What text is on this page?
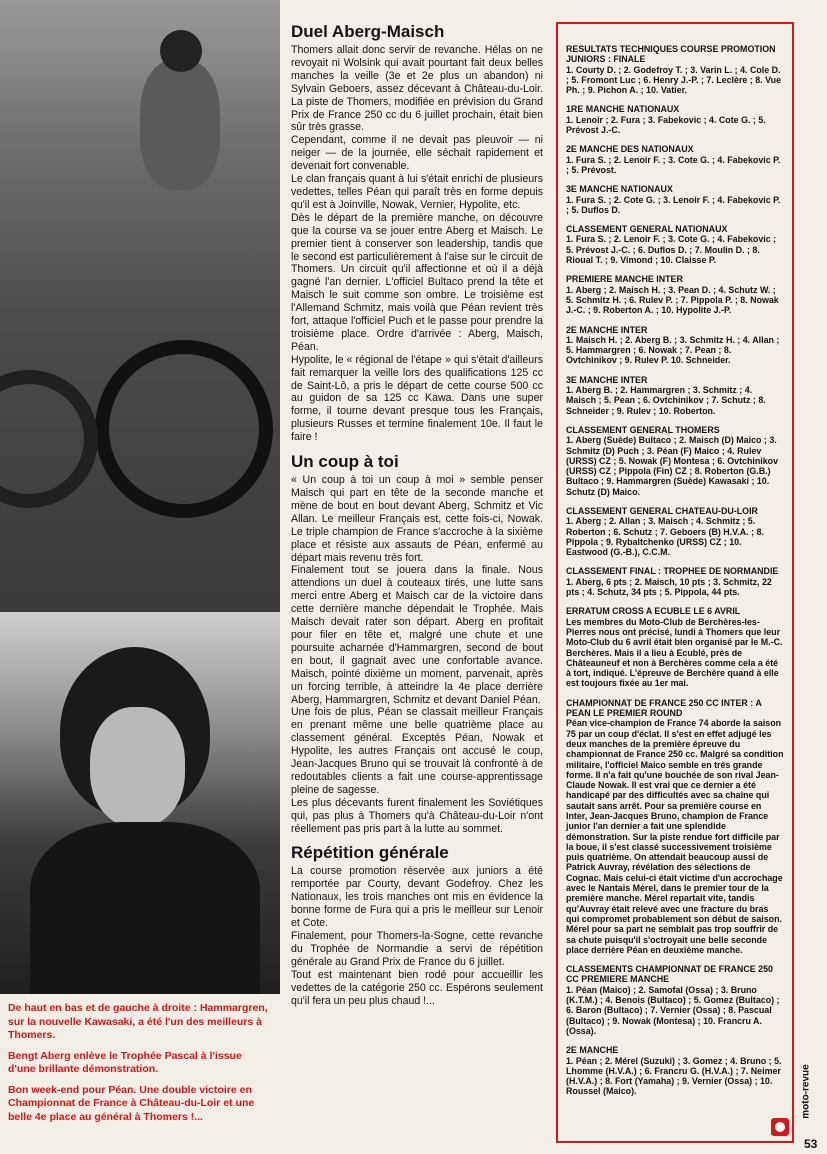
De haut en bas et de gauche à droite : Hammargren, sur la nouvelle Kawasaki, a été l'un des meilleurs à Thomers.

Bengt Aberg enlève le Trophée Pascal à l'issue d'une brillante démonstration.

Bon week-end pour Péan. Une double victoire en Championnat de France à Château-du-Loir et une belle 4e place au général à Thomers !...

Duel Aberg-Maisch

Thomers allait donc servir de revanche. Hélas on ne revoyait ni Wolsink qui avait pourtant fait deux belles manches la veille (3e et 2e plus un abandon) ni Sylvain Geboers, assez décevant à Château-du-Loir. La piste de Thomers, modifiée en prévision du Grand Prix de France 250 cc du 6 juillet prochain, était bien sûr très grasse.

Cependant, comme il ne devait pas pleuvoir — ni neiger — de la journée, elle séchait rapidement et devenait fort convenable.

Le clan français quant à lui s'était enrichi de plusieurs vedettes, telles Péan qui paraît très en forme depuis qu'il est à Joinville, Nowak, Vernier, Hypolite, etc.

Dès le départ de la première manche, on découvre que la course va se jouer entre Aberg et Maisch. Le premier tient à conserver son leadership, tandis que le second est particulièrement à l'aise sur le circuit de Thomers. Un circuit qu'il affectionne et où il a déjà gagné l'an dernier. L'officiel Bultaco prend la tête et Maisch le suit comme son ombre. Le troisième est l'Allemand Schmitz, mais voilà que Péan revient très fort, attaque l'officiel Puch et le passe pour prendre la troisième place. Ordre d'arrivée : Aberg, Maisch, Péan.

Hypolite, le « régional de l'étape » qui s'était d'ailleurs fait remarquer la veille lors des qualifications 125 cc de Saint-Lô, a pris le départ de cette course 500 cc au guidon de sa 125 cc Kawa. Dans une super forme, il tourne devant presque tous les Français, plusieurs Russes et termine finalement 10e. Il faut le faire !

Un coup à toi

« Un coup à toi un coup à moi » semble penser Maisch qui part en tête de la seconde manche et mène de bout en bout devant Aberg, Schmitz et Vic Allan. Le meilleur Français est, cette fois-ci, Nowak. Le triple champion de France s'accroche à la sixième place et résiste aux assauts de Péan, enfermé au départ mais revenu très fort.

Finalement tout se jouera dans la finale. Nous attendions un duel à couteaux tirés, une lutte sans merci entre Aberg et Maisch car de la victoire dans cette dernière manche dépendait le Trophée. Mais Maisch devait rater son départ. Aberg en profitait pour filer en tête et, malgré une chute et une poursuite acharnée d'Hammargren, second de bout en bout, il gagnait avec une confortable avance. Maisch, pointé dixième un moment, parvenait, après un forcing terrible, à atteindre la 4e place derrière Aberg, Hammargren, Schmitz et devant Daniel Péan.

Une fois de plus, Péan se classait meilleur Français en prenant même une belle quatrième place au classement général. Exceptés Péan, Nowak et Hypolite, les autres Français ont accusé le coup, Jean-Jacques Bruno qui se trouvait là confronté à de redoutables clients a fait une course-apprentissage pleine de sagesse.

Les plus décevants furent finalement les Soviétiques qui, pas plus à Thomers qu'à Château-du-Loir n'ont réellement pas pris part à la lutte au sommet.

Répétition générale

La course promotion réservée aux juniors a été remportée par Courty, devant Godefroy. Chez les Nationaux, les trois manches ont mis en évidence la bonne forme de Fura qui a pris le meilleur sur Lenoir et Cote.

Finalement, pour Thomers-la-Sogne, cette revanche du Trophée de Normandie a servi de répétition générale au Grand Prix de France du 6 juillet.

Tout est maintenant bien rodé pour accueillir les vedettes de la catégorie 250 cc. Espérons seulement qu'il fera un peu plus chaud !...

RESULTATS TECHNIQUES COURSE PROMOTION JUNIORS : FINALE
1. Courty D. ; 2. Godefroy T. ; 3. Varin L. ; 4. Cole D. ; 5. Fromont Luc ; 6. Henry J.-P. ; 7. Leclère ; 8. Vue Ph. ; 9. Pichon A. ; 10. Vatier.
1RE MANCHE NATIONAUX
1. Lenoir ; 2. Fura ; 3. Fabekovic ; 4. Cote G. ; 5. Prévost J.-C.
2E MANCHE DES NATIONAUX
1. Fura S. ; 2. Lenoir F. ; 3. Cote G. ; 4. Fabekovic P. ; 5. Prévost.
3E MANCHE NATIONAUX
1. Fura S. ; 2. Cote G. ; 3. Lenoir F. ; 4. Fabekovic P. ; 5. Duflos D.
CLASSEMENT GENERAL NATIONAUX
1. Fura S. ; 2. Lenoir F. ; 3. Cote G. ; 4. Fabekovic ; 5. Prévost J.-C. ; 6. Duflos D. ; 7. Moulin D. ; 8. Rioual T. ; 9. Vimond ; 10. Claisse P.
PREMIERE MANCHE INTER
1. Aberg ; 2. Maisch H. ; 3. Pean D. ; 4. Schutz W. ; 5. Schmitz H. ; 6. Rulev P. ; 7. Pippola P. ; 8. Nowak J.-C. ; 9. Roberton A. ; 10. Hypolite J.-P.
2E MANCHE INTER
1. Maisch H. ; 2. Aberg B. ; 3. Schmitz H. ; 4. Allan ; 5. Hammargren ; 6. Nowak ; 7. Pean ; 8. Ovtchinikov ; 9. Rulev P. 10. Schneider.
3E MANCHE INTER
1. Aberg B. ; 2. Hammargren ; 3. Schmitz ; 4. Maisch ; 5. Pean ; 6. Ovtchinikov ; 7. Schutz ; 8. Schneider ; 9. Rulev ; 10. Roberton.
CLASSEMENT GENERAL THOMERS
1. Aberg (Suède) Bultaco ; 2. Maisch (D) Maico ; 3. Schmitz (D) Puch ; 3. Péan (F) Maico ; 4. Rulev (URSS) CZ ; 5. Nowak (F) Montesa ; 6. Ovtchinikov (URSS) CZ ; Pippola (Fin) CZ ; 8. Roberton (G.B.) Bultaco ; 9. Hammargren (Suède) Kawasaki ; 10. Schutz (D) Maico.
CLASSEMENT GENERAL CHATEAU-DU-LOIR
1. Aberg ; 2. Allan ; 3. Maisch ; 4. Schmitz ; 5. Roberton ; 6. Schutz ; 7. Geboers (B) H.V.A. ; 8. Pippola ; 9. Rybaltchenko (URSS) CZ ; 10. Eastwood (G.-B.), C.C.M.
CLASSEMENT FINAL : TROPHEE DE NORMANDIE
1. Aberg, 6 pts ; 2. Maisch, 10 pts ; 3. Schmitz, 22 pts ; 4. Schutz, 34 pts ; 5. Pippola, 44 pts.
ERRATUM CROSS A ECUBLE LE 6 AVRIL
Les membres du Moto-Club de Berchères-les-Pierres nous ont précisé, lundi à Thomers que leur Moto-Club du 6 avril était bien organisé par le M.-C. Berchères. Mais il a lieu à Ecublé, près de Châteauneuf et non à Berchères comme cela a été à tort, indiqué. L'épreuve de Berchère quand à elle est toujours fixée au 1er mai.
CHAMPIONNAT DE FRANCE 250 CC INTER : A PEAN LE PREMIER ROUND
Péan vice-champion de France 74 aborde la saison 75 par un coup d'éclat. Il s'est en effet adjugé les deux manches de la première épreuve du championnat de France 250 cc. Malgré sa condition militaire, l'officiel Maico semble en très grande forme. Il n'a fait qu'une bouchée de son rival Jean-Claude Nowak. Il est vrai que ce dernier a été handicapé par des difficultés avec sa chaîne qui sautait sans arrêt. Pour sa première course en Inter, Jean-Jacques Bruno, champion de France junior l'an dernier a fait une splendide démonstration. Sur la piste rendue fort difficile par la boue, il s'est classé successivement troisième puis quatrième. On attendait beaucoup aussi de Patrick Auvray, révélation des sélections de Cognac. Mais celui-ci était victime d'un accrochage avec le Nantais Mérel, dans le premier tour de la première manche. Mérel repartait vite, tandis qu'Auvray était relevé avec une fracture du bras qui compromet probablement son début de saison. Mérel pour sa part ne semblait pas trop souffrir de sa chute puisqu'il s'octroyait une belle seconde place derrière Péan en deuxième manche.
CLASSEMENTS CHAMPIONNAT DE FRANCE 250 CC PREMIERE MANCHE
1. Péan (Maico) ; 2. Samofal (Ossa) ; 3. Bruno (K.T.M.) ; 4. Benois (Bultaco) ; 5. Gomez (Bultaco) ; 6. Baron (Bultaco) ; 7. Vernier (Ossa) ; 8. Pascual (Bultaco) ; 9. Nowak (Montesa) ; 10. Francru A. (Ossa).
2E MANCHE
1. Péan ; 2. Mérel (Suzuki) ; 3. Gomez ; 4. Bruno ; 5. Lhomme (H.V.A.) ; 6. Francru G. (H.V.A.) ; 7. Neimer (H.V.A.) ; 8. Fort (Yamaha) ; 9. Vernier (Ossa) ; 10. Roussel (Maico).	moto-revue
53
